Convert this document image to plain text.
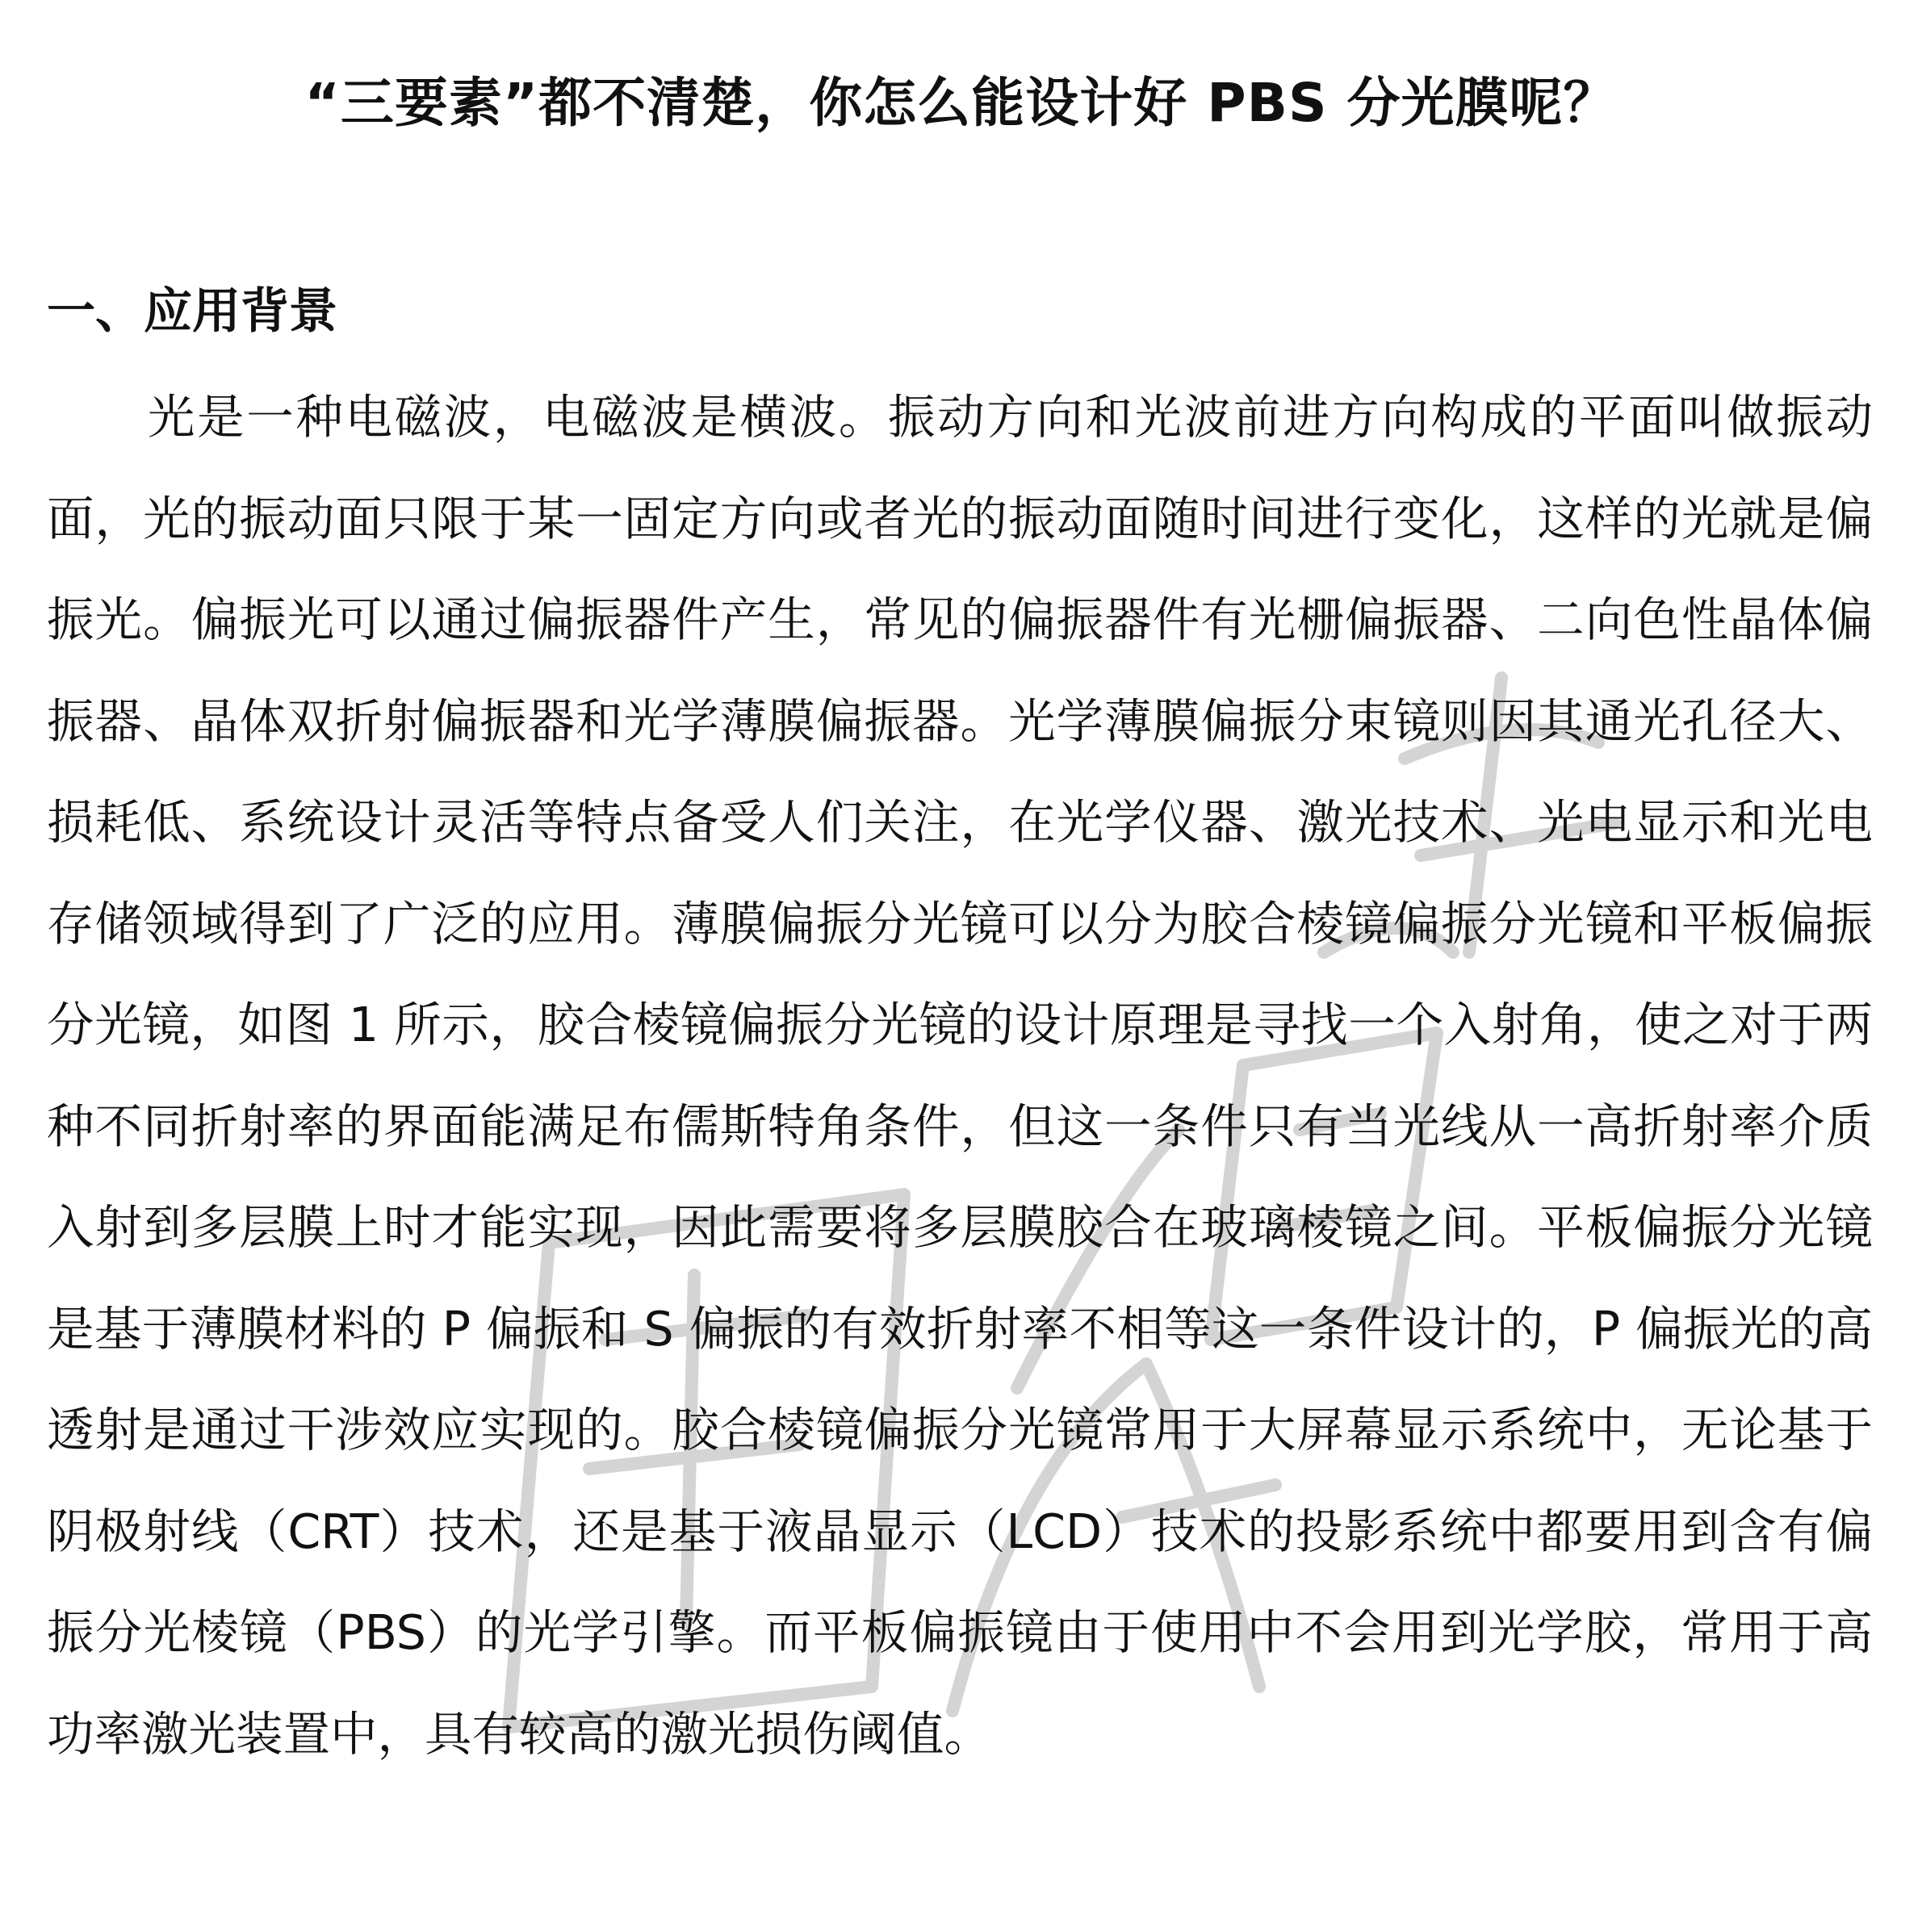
“三要素”都不清楚，你怎么能设计好 PBS 分光膜呢？
一、应用背景

光是一种电磁波，电磁波是横波。振动方向和光波前进方向构成的平面叫做振动面，光的振动面只限于某一固定方向或者光的振动面随时间进行变化，这样的光就是偏振光。偏振光可以通过偏振器件产生，常见的偏振器件有光栅偏振器、二向色性晶体偏振器、晶体双折射偏振器和光学薄膜偏振器。光学薄膜偏振分束镜则因其通光孔径大、损耗低、系统设计灵活等特点备受人们关注，在光学仪器、激光技术、光电显示和光电存储领域得到了广泛的应用。薄膜偏振分光镜可以分为胶合棱镜偏振分光镜和平板偏振分光镜，如图 1 所示，胶合棱镜偏振分光镜的设计原理是寻找一个入射角，使之对于两种不同折射率的界面能满足布儒斯特角条件，但这一条件只有当光线从一高折射率介质入射到多层膜上时才能实现，因此需要将多层膜胶合在玻璃棱镜之间。平板偏振分光镜是基于薄膜材料的 P 偏振和 S 偏振的有效折射率不相等这一条件设计的，P 偏振光的高透射是通过干涉效应实现的。胶合棱镜偏振分光镜常用于大屏幕显示系统中，无论基于阴极射线（CRT）技术，还是基于液晶显示（LCD）技术的投影系统中都要用到含有偏振分光棱镜（PBS）的光学引擎。而平板偏振镜由于使用中不会用到光学胶，常用于高功率激光装置中，具有较高的激光损伤阈值。
